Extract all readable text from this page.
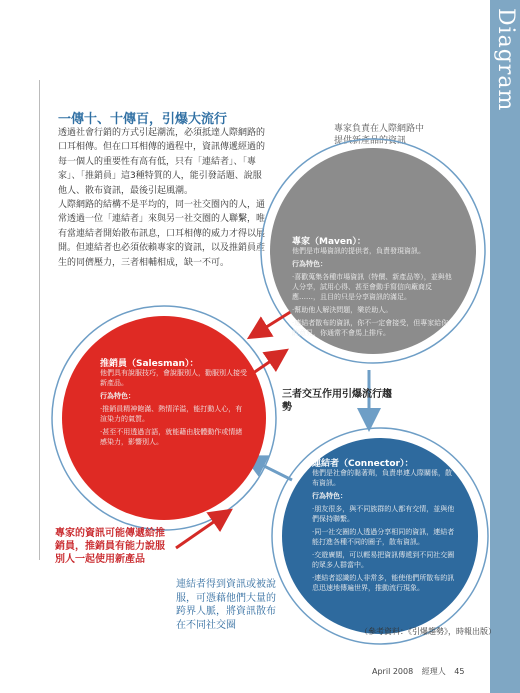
Diagram
一傳十、十傳百，引爆大流行

透過社會行銷的方式引起潮流，必須抵達人際網路的口耳相傳。但在口耳相傳的過程中，資訊傳遞經過的每一個人的重要性有高有低，只有「連結者」、「專家」、「推銷員」這3種特質的人，能引發話題、說服他人、散布資訊，最後引起風潮。

人際網路的結構不是平均的，同一社交圈內的人，通常透過一位「連結者」來與另一社交圈的人聯繫，唯有當連結者開始散布訊息，口耳相傳的威力才得以展開。但連結者也必須依賴專家的資訊，以及推銷員產生的同儕壓力，三者相輔相成，缺一不可。

專家負責在人際網路中提供新產品的資訊
專家（Maven）：

他們是市場資訊的提供者，負責發現資訊。

行為特色：

‧喜歡蒐集各種市場資訊（特價、新產品等），並與他人分享，試用心得、甚至會動手寫信向廠商反應……，且目的只是分享資訊的滿足。

‧幫助他人解決問題，樂於助人。

‧連結者散布的資訊，你不一定會接受，但專家給你的意見，你通常不會馬上排斥。

推銷員（Salesman）：

他們具有說服技巧，會說服別人，勸服別人接受新產品。

行為特色：

‧推銷員精神飽滿、熱情洋溢，能打動人心，有渲染力的氣質。

‧甚至不用透過言語，就能藉由肢體動作或情緒感染力，影響別人。

三者交互作用引爆流行趨勢
連結者（Connector）：

他們是社會的黏著劑，負責串連人際關係，散布資訊。

行為特色：

‧朋友很多，與不同族群的人都有交情，並與他們保持聯繫。

‧同一社交圈的人透過分享相同的資訊，連結者能打進各種不同的圈子，散布資訊。

‧交遊廣闊，可以輕易把資訊傳遞到不同社交圈的眾多人群當中。

‧連結者認識的人非常多，能使他們所散布的訊息迅速地傳遍世界，推動流行現象。

專家的資訊可能傳遞給推銷員，推銷員有能力說服別人一起使用新產品
連結者得到資訊或被說服，可憑藉他們大量的跨界人脈，將資訊散布在不同社交圈
（參考資料：《引爆趨勢》，時報出版）
April 2008 經理人 45
